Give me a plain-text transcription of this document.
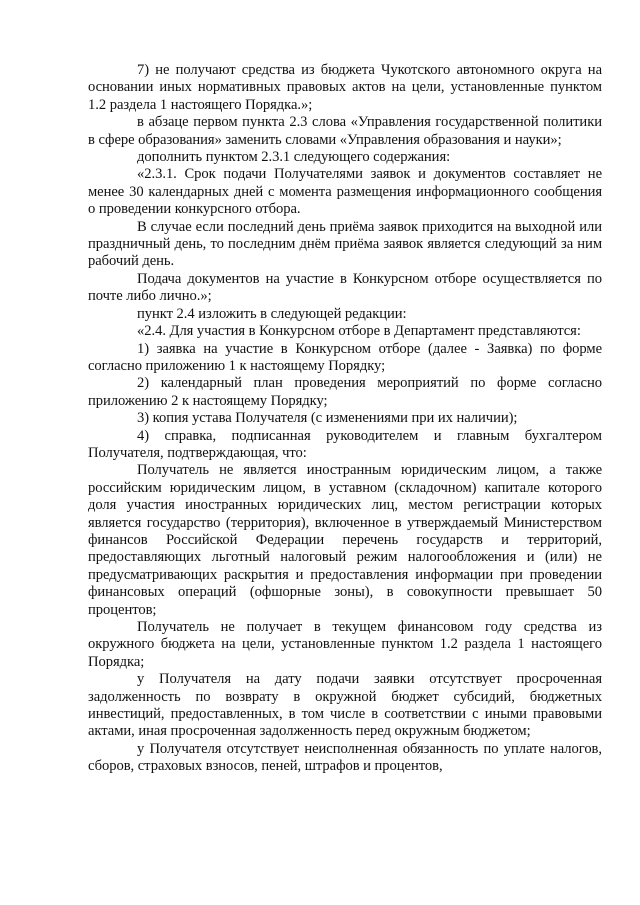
7) не получают средства из бюджета Чукотского автономного округа на основании иных нормативных правовых актов на цели, установленные пунктом 1.2 раздела 1 настоящего Порядка.»;

в абзаце первом пункта 2.3 слова «Управления государственной политики в сфере образования» заменить словами «Управления образования и науки»;

дополнить пунктом 2.3.1 следующего содержания:

«2.3.1. Срок подачи Получателями заявок и документов составляет не менее 30 календарных дней с момента размещения информационного сообщения о проведении конкурсного отбора.

В случае если последний день приёма заявок приходится на выходной или праздничный день, то последним днём приёма заявок является следующий за ним рабочий день.

Подача документов на участие в Конкурсном отборе осуществляется по почте либо лично.»;

пункт 2.4 изложить в следующей редакции:

«2.4. Для участия в Конкурсном отборе в Департамент представляются:

1) заявка на участие в Конкурсном отборе (далее - Заявка) по форме согласно приложению 1 к настоящему Порядку;

2) календарный план проведения мероприятий по форме согласно приложению 2 к настоящему Порядку;

3) копия устава Получателя (с изменениями при их наличии);

4) справка, подписанная руководителем и главным бухгалтером Получателя, подтверждающая, что:

Получатель не является иностранным юридическим лицом, а также российским юридическим лицом, в уставном (складочном) капитале которого доля участия иностранных юридических лиц, местом регистрации которых является государство (территория), включенное в утверждаемый Министерством финансов Российской Федерации перечень государств и территорий, предоставляющих льготный налоговый режим налогообложения и (или) не предусматривающих раскрытия и предоставления информации при проведении финансовых операций (офшорные зоны), в совокупности превышает 50 процентов;

Получатель не получает в текущем финансовом году средства из окружного бюджета на цели, установленные пунктом 1.2 раздела 1 настоящего Порядка;

у Получателя на дату подачи заявки отсутствует просроченная задолженность по возврату в окружной бюджет субсидий, бюджетных инвестиций, предоставленных, в том числе в соответствии с иными правовыми актами, иная просроченная задолженность перед окружным бюджетом;

у Получателя отсутствует неисполненная обязанность по уплате налогов, сборов, страховых взносов, пеней, штрафов и процентов,
